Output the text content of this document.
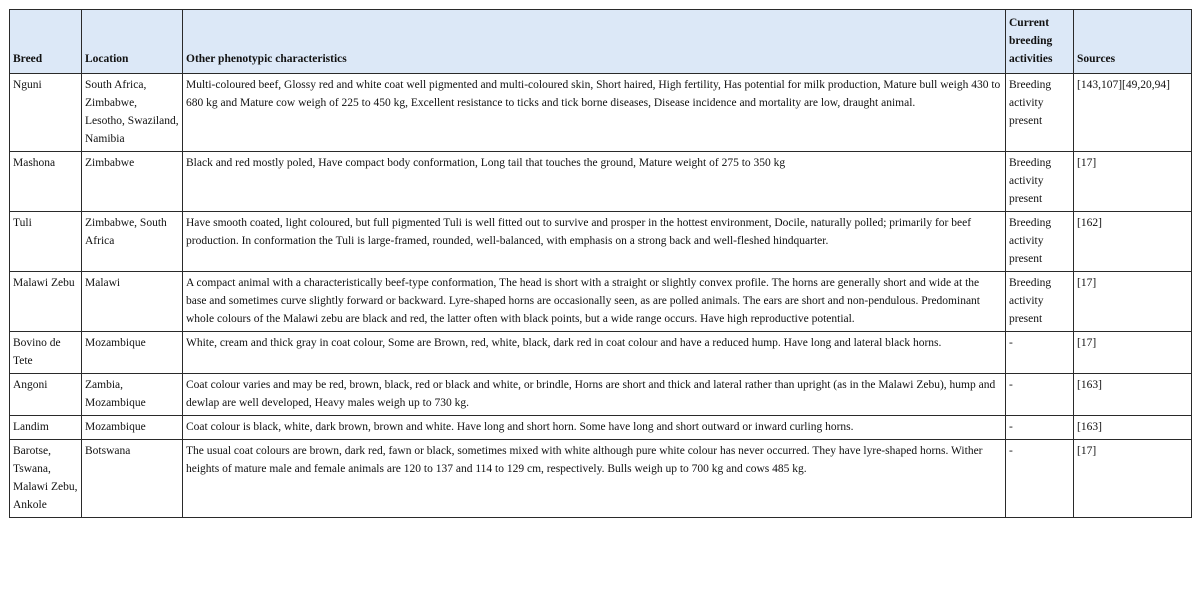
Breed	Location	Other phenotypic characteristics	Current breeding activities	Sources
Nguni	South Africa, Zimbabwe, Lesotho, Swaziland, Namibia	Multi-coloured beef, Glossy red and white coat well pigmented and multi-coloured skin, Short haired, High fertility, Has potential for milk production, Mature bull weigh 430 to 680 kg and Mature cow weigh of 225 to 450 kg, Excellent resistance to ticks and tick borne diseases, Disease incidence and mortality are low, draught animal.	Breeding activity present	[143,107][49,20,94]
Mashona	Zimbabwe	Black and red mostly poled, Have compact body conformation, Long tail that touches the ground, Mature weight of 275 to 350 kg	Breeding activity present	[17]
Tuli	Zimbabwe, South Africa	Have smooth coated, light coloured, but full pigmented Tuli is well fitted out to survive and prosper in the hottest environment, Docile, naturally polled; primarily for beef production. In conformation the Tuli is large-framed, rounded, well-balanced, with emphasis on a strong back and well-fleshed hindquarter.	Breeding activity present	[162]
Malawi Zebu	Malawi	A compact animal with a characteristically beef-type conformation, The head is short with a straight or slightly convex profile. The horns are generally short and wide at the base and sometimes curve slightly forward or backward. Lyre-shaped horns are occasionally seen, as are polled animals. The ears are short and non-pendulous. Predominant whole colours of the Malawi zebu are black and red, the latter often with black points, but a wide range occurs. Have high reproductive potential.	Breeding activity present	[17]
Bovino de Tete	Mozambique	White, cream and thick gray in coat colour, Some are Brown, red, white, black, dark red in coat colour and have a reduced hump. Have long and lateral black horns.	-	[17]
Angoni	Zambia, Mozambique	Coat colour varies and may be red, brown, black, red or black and white, or brindle, Horns are short and thick and lateral rather than upright (as in the Malawi Zebu), hump and dewlap are well developed, Heavy males weigh up to 730 kg.	-	[163]
Landim	Mozambique	Coat colour is black, white, dark brown, brown and white. Have long and short horn. Some have long and short outward or inward curling horns.	-	[163]
Barotse, Tswana, Malawi Zebu, Ankole	Botswana	The usual coat colours are brown, dark red, fawn or black, sometimes mixed with white although pure white colour has never occurred. They have lyre-shaped horns. Wither heights of mature male and female animals are 120 to 137 and 114 to 129 cm, respectively. Bulls weigh up to 700 kg and cows 485 kg.	-	[17]
